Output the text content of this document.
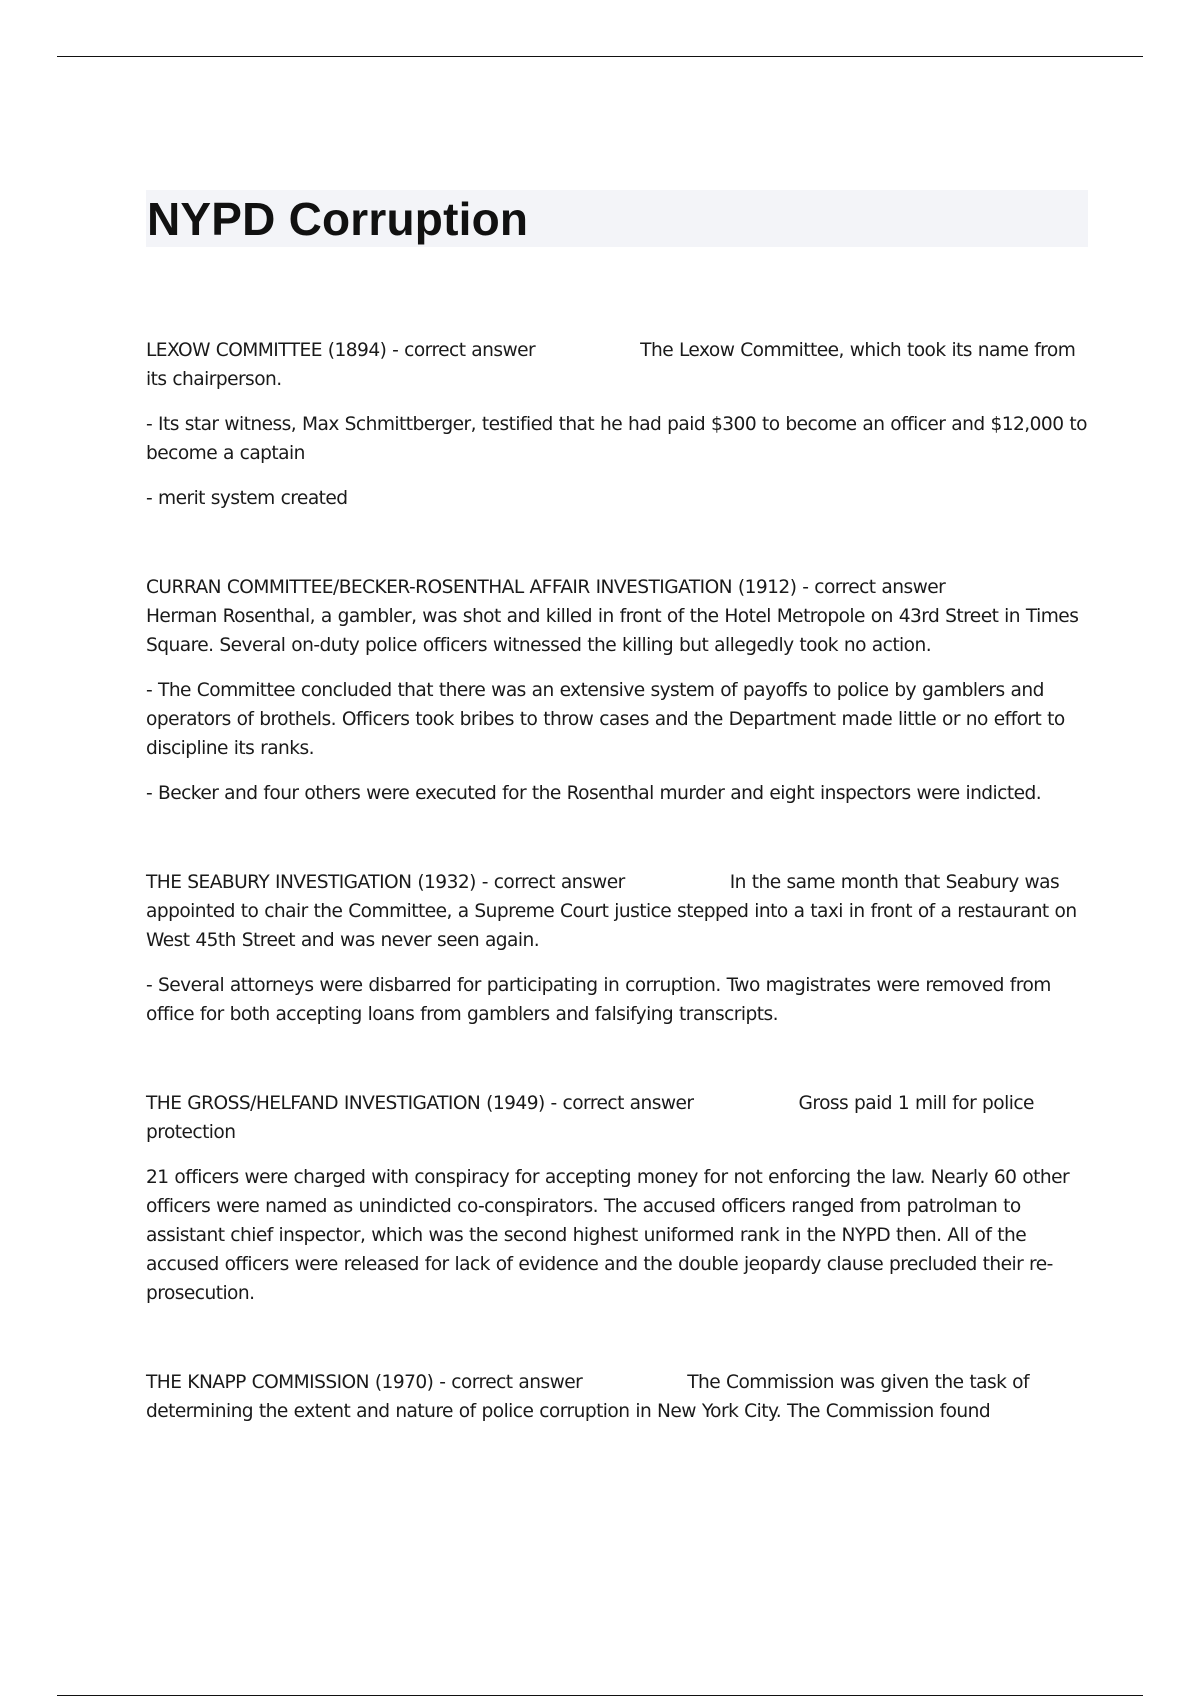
NYPD Corruption

LEXOW COMMITTEE (1894) - correct answer	The Lexow Committee, which took its name from its chairperson.

- Its star witness, Max Schmittberger, testified that he had paid $300 to become an officer and $12,000 to become a captain

- merit system created

CURRAN COMMITTEE/BECKER-ROSENTHAL AFFAIR INVESTIGATION (1912) - correct answerHerman Rosenthal, a gambler, was shot and killed in front of the Hotel Metropole on 43rd Street in Times Square. Several on-duty police officers witnessed the killing but allegedly took no action.

- The Committee concluded that there was an extensive system of payoffs to police by gamblers and operators of brothels. Officers took bribes to throw cases and the Department made little or no effort to discipline its ranks.

- Becker and four others were executed for the Rosenthal murder and eight inspectors were indicted.

THE SEABURY INVESTIGATION (1932) - correct answer	In the same month that Seabury was appointed to chair the Committee, a Supreme Court justice stepped into a taxi in front of a restaurant on West 45th Street and was never seen again.

- Several attorneys were disbarred for participating in corruption. Two magistrates were removed from office for both accepting loans from gamblers and falsifying transcripts.

THE GROSS/HELFAND INVESTIGATION (1949) - correct answer	Gross paid 1 mill for police protection

21 officers were charged with conspiracy for accepting money for not enforcing the law. Nearly 60 other officers were named as unindicted co-conspirators. The accused officers ranged from patrolman to assistant chief inspector, which was the second highest uniformed rank in the NYPD then. All of the accused officers were released for lack of evidence and the double jeopardy clause precluded their re-prosecution.

THE KNAPP COMMISSION (1970) - correct answer	The Commission was given the task of determining the extent and nature of police corruption in New York City. The Commission found
